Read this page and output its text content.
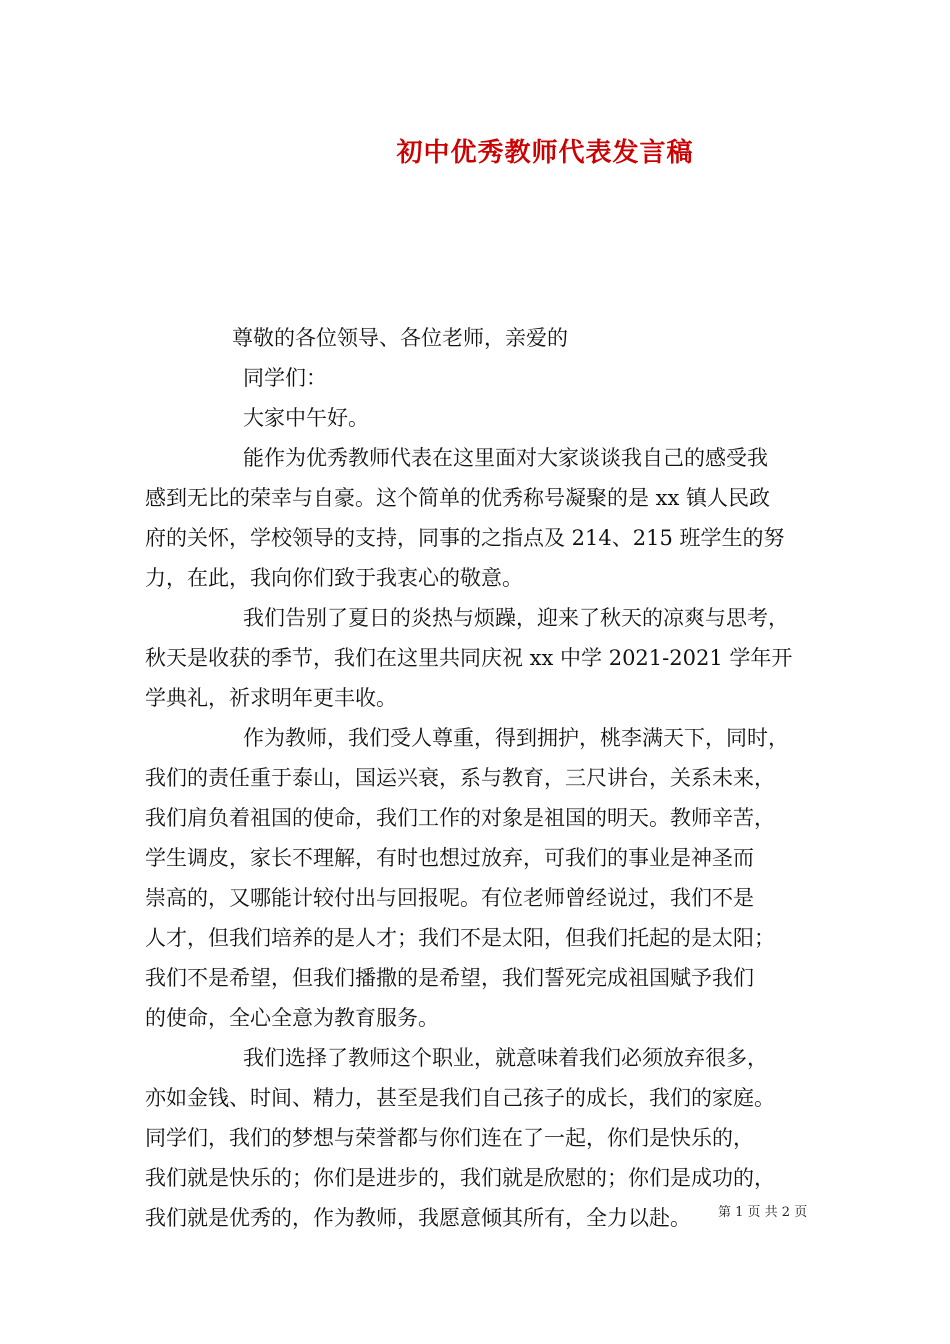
初中优秀教师代表发言稿
尊敬的各位领导、各位老师，亲爱的
同学们：
大家中午好。
能作为优秀教师代表在这里面对大家谈谈我自己的感受我
感到无比的荣幸与自豪。这个简单的优秀称号凝聚的是 xx 镇人民政
府的关怀，学校领导的支持，同事的之指点及 214、215 班学生的努
力，在此，我向你们致于我衷心的敬意。
我们告别了夏日的炎热与烦躁，迎来了秋天的凉爽与思考，
秋天是收获的季节，我们在这里共同庆祝 xx 中学 2021-2021 学年开
学典礼，祈求明年更丰收。
作为教师，我们受人尊重，得到拥护，桃李满天下，同时，
我们的责任重于泰山，国运兴衰，系与教育，三尺讲台，关系未来，
我们肩负着祖国的使命，我们工作的对象是祖国的明天。教师辛苦，
学生调皮，家长不理解，有时也想过放弃，可我们的事业是神圣而
崇高的，又哪能计较付出与回报呢。有位老师曾经说过，我们不是
人才，但我们培养的是人才；我们不是太阳，但我们托起的是太阳；
我们不是希望，但我们播撒的是希望，我们誓死完成祖国赋予我们
的使命，全心全意为教育服务。
我们选择了教师这个职业，就意味着我们必须放弃很多，
亦如金钱、时间、精力，甚至是我们自己孩子的成长，我们的家庭。
同学们，我们的梦想与荣誉都与你们连在了一起，你们是快乐的，
我们就是快乐的；你们是进步的，我们就是欣慰的；你们是成功的，
我们就是优秀的，作为教师，我愿意倾其所有，全力以赴。	第 1 页 共 2 页
